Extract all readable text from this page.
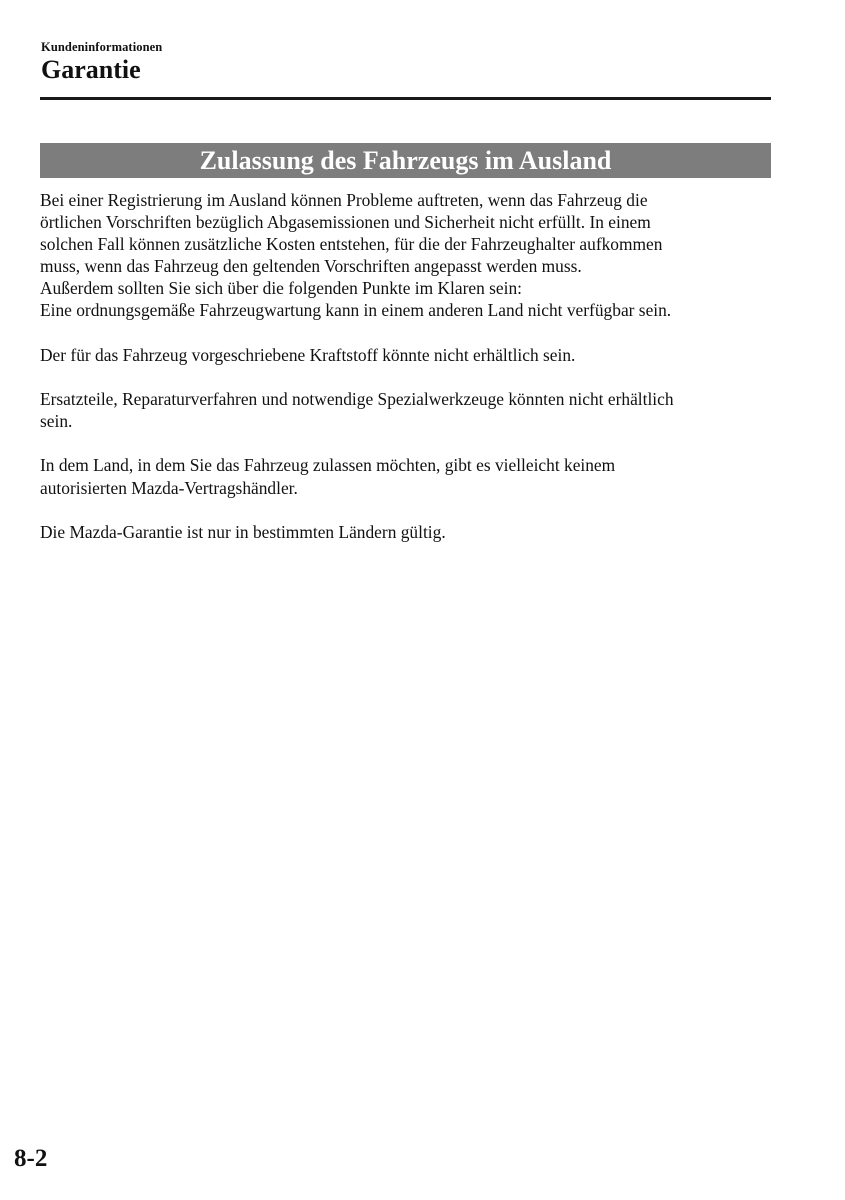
Kundeninformationen
Garantie
Zulassung des Fahrzeugs im Ausland

Bei einer Registrierung im Ausland können Probleme auftreten, wenn das Fahrzeug die
örtlichen Vorschriften bezüglich Abgasemissionen und Sicherheit nicht erfüllt. In einem
solchen Fall können zusätzliche Kosten entstehen, für die der Fahrzeughalter aufkommen
muss, wenn das Fahrzeug den geltenden Vorschriften angepasst werden muss.
Außerdem sollten Sie sich über die folgenden Punkte im Klaren sein:
Eine ordnungsgemäße Fahrzeugwartung kann in einem anderen Land nicht verfügbar sein.

Der für das Fahrzeug vorgeschriebene Kraftstoff könnte nicht erhältlich sein.

Ersatzteile, Reparaturverfahren und notwendige Spezialwerkzeuge könnten nicht erhältlich
sein.

In dem Land, in dem Sie das Fahrzeug zulassen möchten, gibt es vielleicht keinem
autorisierten Mazda-Vertragshändler.

Die Mazda-Garantie ist nur in bestimmten Ländern gültig.

8-2
